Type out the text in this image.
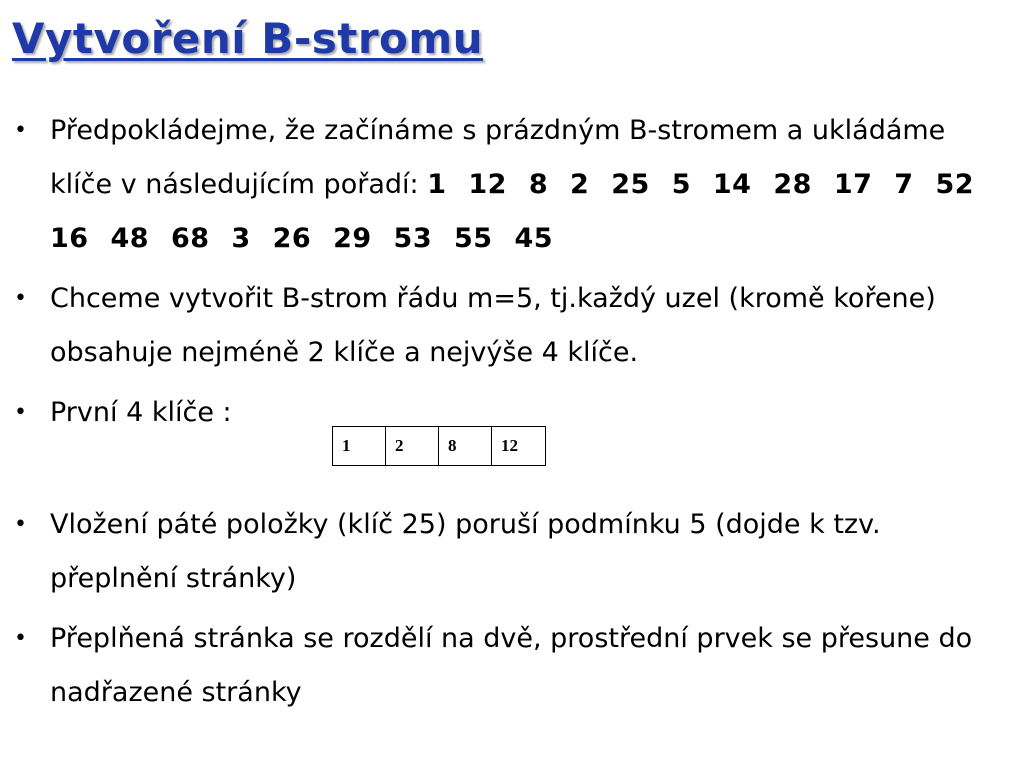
Vytvoření B-stromu
• Předpokládejme, že začínáme s prázdným B-stromem a ukládáme klíče v následujícím pořadí: 1 12 8 2 25 5 14 28 17 7 52 16 48 68 3 26 29 53 55 45
• Chceme vytvořit B-strom řádu m=5, tj.každý uzel (kromě kořene) obsahuje nejméně 2 klíče a nejvýše 4 klíče.
• První 4 klíče :
• Vložení páté položky (klíč 25) poruší podmínku 5 (dojde k tzv. přeplnění stránky)
• Přeplňená stránka se rozdělí na dvě, prostřední prvek se přesune do nadřazené stránky
1	2	8	12
